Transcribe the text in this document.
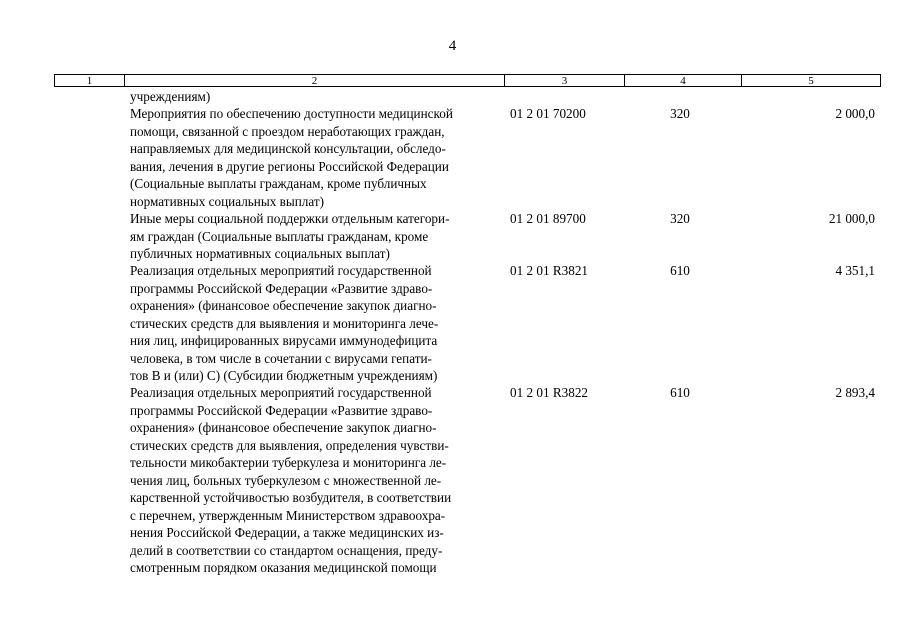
4
1	2	3	4	5
учреждениям)
Мероприятия по обеспечению доступности медицинской
помощи, связанной с проездом неработающих граждан,
направляемых для медицинской консультации, обследо-
вания, лечения в другие регионы Российской Федерации
(Социальные выплаты гражданам, кроме публичных
нормативных социальных выплат)
01 2 01 70200	320	2 000,0
Иные меры социальной поддержки отдельным категори-
ям граждан (Социальные выплаты гражданам, кроме
публичных нормативных социальных выплат)
01 2 01 89700	320	21 000,0
Реализация отдельных мероприятий государственной
программы Российской Федерации «Развитие здраво-
охранения» (финансовое обеспечение закупок диагно-
стических средств для выявления и мониторинга лече-
ния лиц, инфицированных вирусами иммунодефицита
человека, в том числе в сочетании с вирусами гепати-
тов В и (или) С) (Субсидии бюджетным учреждениям)
01 2 01 R3821	610	4 351,1
Реализация отдельных мероприятий государственной
программы Российской Федерации «Развитие здраво-
охранения» (финансовое обеспечение закупок диагно-
стических средств для выявления, определения чувстви-
тельности микобактерии туберкулеза и мониторинга ле-
чения лиц, больных туберкулезом с множественной ле-
карственной устойчивостью возбудителя, в соответствии
с перечнем, утвержденным Министерством здравоохра-
нения Российской Федерации, а также медицинских из-
делий в соответствии со стандартом оснащения, преду-
смотренным порядком оказания медицинской помощи
01 2 01 R3822	610	2 893,4
